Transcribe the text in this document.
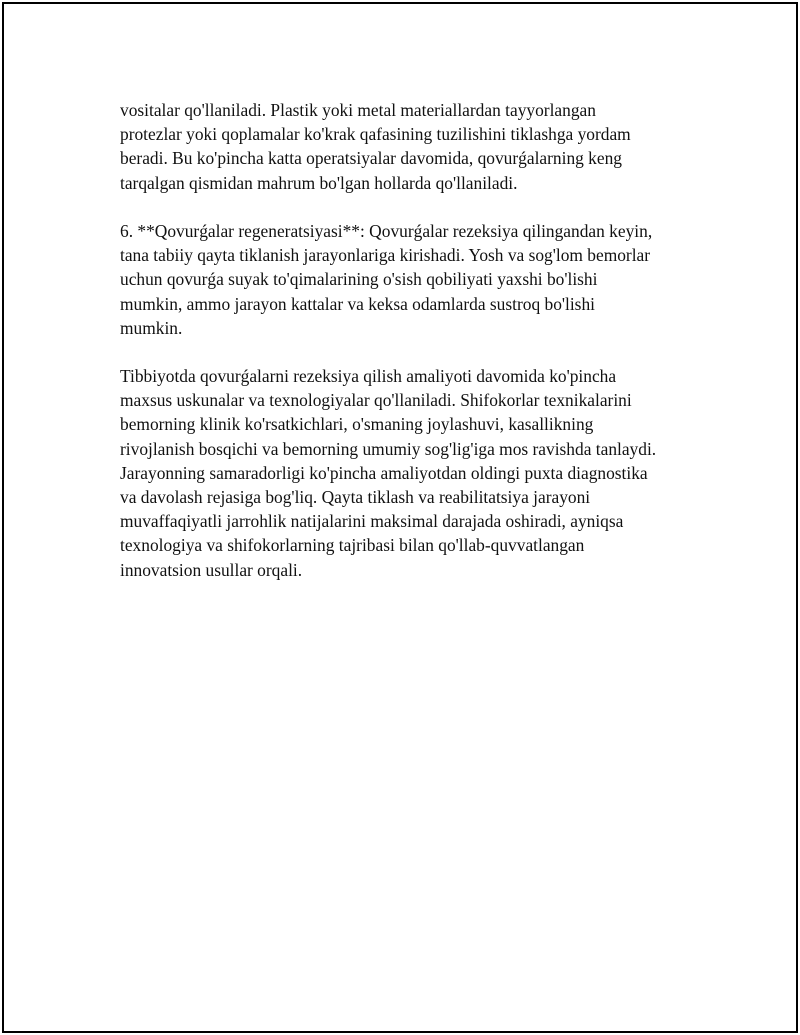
vositalar qo'llaniladi. Plastik yoki metal materiallardan tayyorlangan
protezlar yoki qoplamalar ko'krak qafasining tuzilishini tiklashga yordam
beradi. Bu ko'pincha katta operatsiyalar davomida, qovurǵalarning keng
tarqalgan qismidan mahrum bo'lgan hollarda qo'llaniladi.
6. **Qovurǵalar regeneratsiyasi**: Qovurǵalar rezeksiya qilingandan keyin,
tana tabiiy qayta tiklanish jarayonlariga kirishadi. Yosh va sog'lom bemorlar
uchun qovurǵa suyak to'qimalarining o'sish qobiliyati yaxshi bo'lishi
mumkin, ammo jarayon kattalar va keksa odamlarda sustroq bo'lishi
mumkin.
Tibbiyotda qovurǵalarni rezeksiya qilish amaliyoti davomida ko'pincha
maxsus uskunalar va texnologiyalar qo'llaniladi. Shifokorlar texnikalarini
bemorning klinik ko'rsatkichlari, o'smaning joylashuvi, kasallikning
rivojlanish bosqichi va bemorning umumiy sog'lig'iga mos ravishda tanlaydi.
Jarayonning samaradorligi ko'pincha amaliyotdan oldingi puxta diagnostika
va davolash rejasiga bog'liq. Qayta tiklash va reabilitatsiya jarayoni
muvaffaqiyatli jarrohlik natijalarini maksimal darajada oshiradi, ayniqsa
texnologiya va shifokorlarning tajribasi bilan qo'llab-quvvatlangan
innovatsion usullar orqali.
